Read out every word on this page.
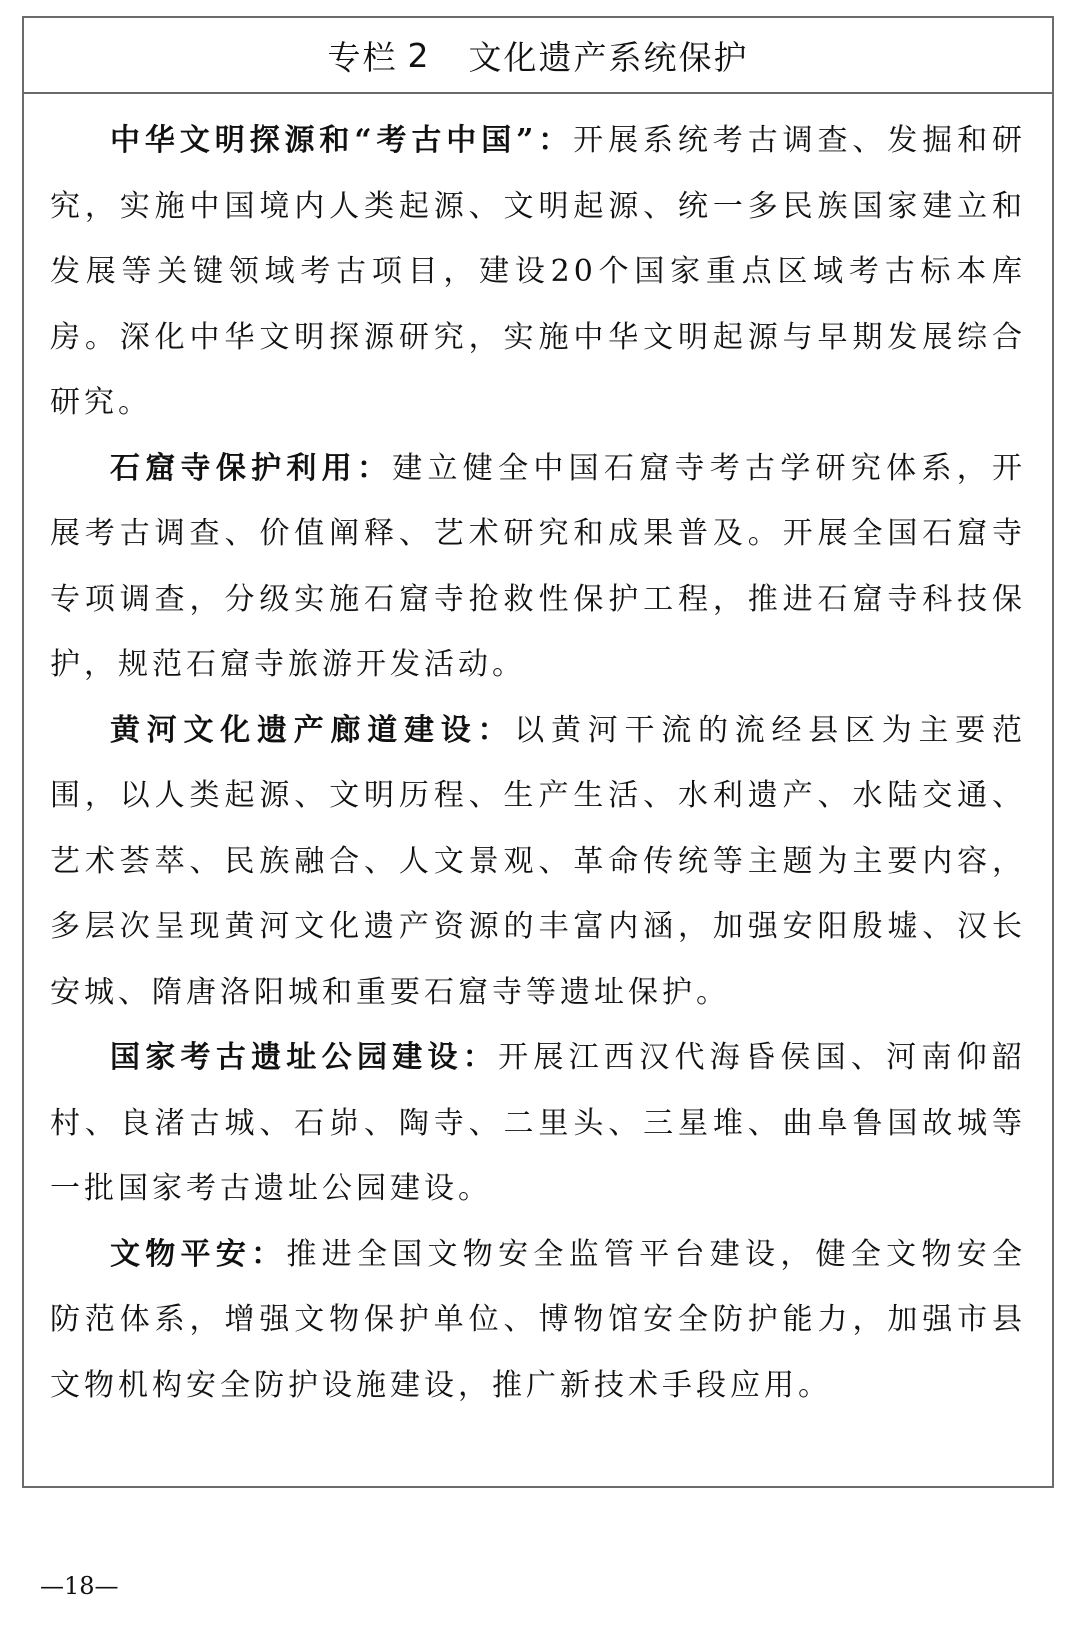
专栏 2 文化遗产系统保护

中华文明探源和“考古中国”：开展系统考古调查、发掘和研究，实施中国境内人类起源、文明起源、统一多民族国家建立和发展等关键领域考古项目，建设20个国家重点区域考古标本库房。深化中华文明探源研究，实施中华文明起源与早期发展综合研究。

石窟寺保护利用：建立健全中国石窟寺考古学研究体系，开展考古调查、价值阐释、艺术研究和成果普及。开展全国石窟寺专项调查，分级实施石窟寺抢救性保护工程，推进石窟寺科技保护，规范石窟寺旅游开发活动。

黄河文化遗产廊道建设：以黄河干流的流经县区为主要范围，以人类起源、文明历程、生产生活、水利遗产、水陆交通、艺术荟萃、民族融合、人文景观、革命传统等主题为主要内容，多层次呈现黄河文化遗产资源的丰富内涵，加强安阳殷墟、汉长安城、隋唐洛阳城和重要石窟寺等遗址保护。

国家考古遗址公园建设：开展江西汉代海昏侯国、河南仰韶村、良渚古城、石峁、陶寺、二里头、三星堆、曲阜鲁国故城等一批国家考古遗址公园建设。

文物平安：推进全国文物安全监管平台建设，健全文物安全防范体系，增强文物保护单位、博物馆安全防护能力，加强市县文物机构安全防护设施建设，推广新技术手段应用。

—18—
